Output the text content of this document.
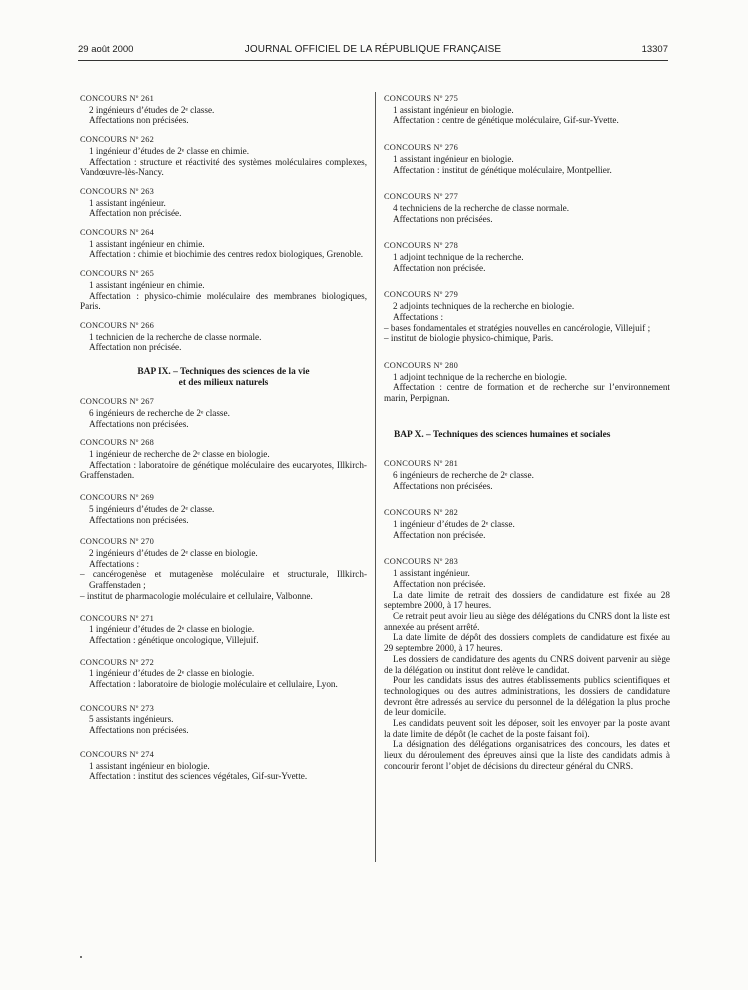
29 août 2000	JOURNAL OFFICIEL DE LA RÉPUBLIQUE FRANÇAISE	13307

CONCOURS Nº 261

2 ingénieurs d’études de 2ᵉ classe.

Affectations non précisées.

CONCOURS Nº 262

1 ingénieur d’études de 2ᵉ classe en chimie.

Affectation : structure et réactivité des systèmes moléculaires complexes, Vandœuvre-lès-Nancy.

CONCOURS Nº 263

1 assistant ingénieur.

Affectation non précisée.

CONCOURS Nº 264

1 assistant ingénieur en chimie.

Affectation : chimie et biochimie des centres redox biologiques, Grenoble.

CONCOURS Nº 265

1 assistant ingénieur en chimie.

Affectation : physico-chimie moléculaire des membranes biologiques, Paris.

CONCOURS Nº 266

1 technicien de la recherche de classe normale.

Affectation non précisée.

BAP IX. – Techniques des sciences de la vie

et des milieux naturels

CONCOURS Nº 267

6 ingénieurs de recherche de 2ᵉ classe.

Affectations non précisées.

CONCOURS Nº 268

1 ingénieur de recherche de 2ᵉ classe en biologie.

Affectation : laboratoire de génétique moléculaire des eucaryotes, Illkirch-Graffenstaden.

CONCOURS Nº 269

5 ingénieurs d’études de 2ᵉ classe.

Affectations non précisées.

CONCOURS Nº 270

2 ingénieurs d’études de 2ᵉ classe en biologie.

Affectations :

– cancérogenèse et mutagenèse moléculaire et structurale, Illkirch-Graffenstaden ;

– institut de pharmacologie moléculaire et cellulaire, Valbonne.

CONCOURS Nº 271

1 ingénieur d’études de 2ᵉ classe en biologie.

Affectation : génétique oncologique, Villejuif.

CONCOURS Nº 272

1 ingénieur d’études de 2ᵉ classe en biologie.

Affectation : laboratoire de biologie moléculaire et cellulaire, Lyon.

CONCOURS Nº 273

5 assistants ingénieurs.

Affectations non précisées.

CONCOURS Nº 274

1 assistant ingénieur en biologie.

Affectation : institut des sciences végétales, Gif-sur-Yvette.

CONCOURS Nº 275

1 assistant ingénieur en biologie.

Affectation : centre de génétique moléculaire, Gif-sur-Yvette.

CONCOURS Nº 276

1 assistant ingénieur en biologie.

Affectation : institut de génétique moléculaire, Montpellier.

CONCOURS Nº 277

4 techniciens de la recherche de classe normale.

Affectations non précisées.

CONCOURS Nº 278

1 adjoint technique de la recherche.

Affectation non précisée.

CONCOURS Nº 279

2 adjoints techniques de la recherche en biologie.

Affectations :

– bases fondamentales et stratégies nouvelles en cancérologie, Villejuif ;

– institut de biologie physico-chimique, Paris.

CONCOURS Nº 280

1 adjoint technique de la recherche en biologie.

Affectation : centre de formation et de recherche sur l’environnement marin, Perpignan.

BAP X. – Techniques des sciences humaines et sociales

CONCOURS Nº 281

6 ingénieurs de recherche de 2ᵉ classe.

Affectations non précisées.

CONCOURS Nº 282

1 ingénieur d’études de 2ᵉ classe.

Affectation non précisée.

CONCOURS Nº 283

1 assistant ingénieur.

Affectation non précisée.

La date limite de retrait des dossiers de candidature est fixée au 28 septembre 2000, à 17 heures.

Ce retrait peut avoir lieu au siège des délégations du CNRS dont la liste est annexée au présent arrêté.

La date limite de dépôt des dossiers complets de candidature est fixée au 29 septembre 2000, à 17 heures.

Les dossiers de candidature des agents du CNRS doivent parvenir au siège de la délégation ou institut dont relève le candidat.

Pour les candidats issus des autres établissements publics scientifiques et technologiques ou des autres administrations, les dossiers de candidature devront être adressés au service du personnel de la délégation la plus proche de leur domicile.

Les candidats peuvent soit les déposer, soit les envoyer par la poste avant la date limite de dépôt (le cachet de la poste faisant foi).

La désignation des délégations organisatrices des concours, les dates et lieux du déroulement des épreuves ainsi que la liste des candidats admis à concourir feront l’objet de décisions du directeur général du CNRS.
